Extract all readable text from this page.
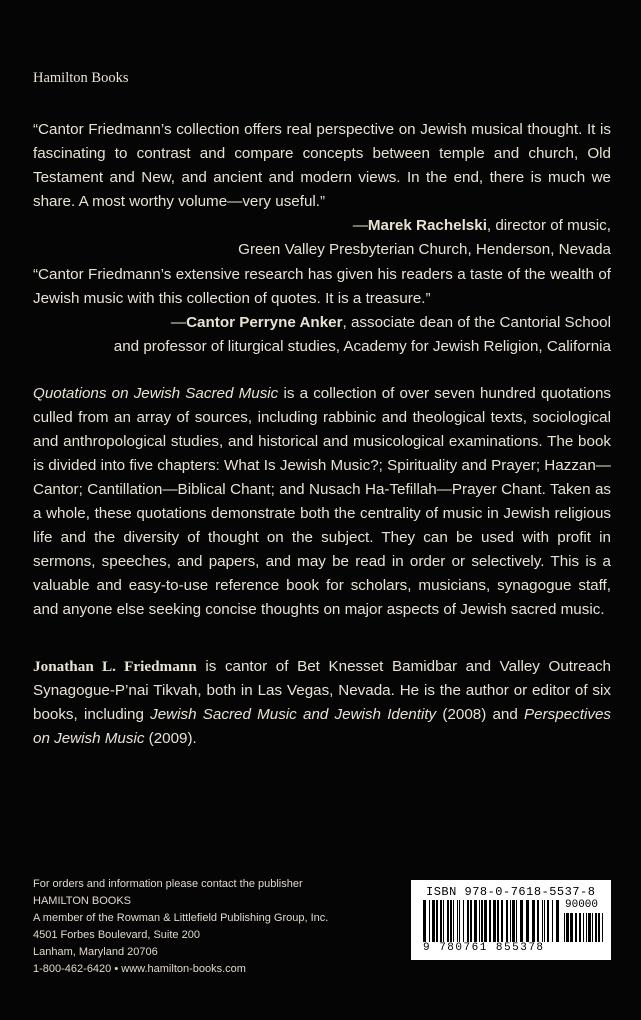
Hamilton Books
“Cantor Friedmann’s collection offers real perspective on Jewish musical thought. It is fascinating to contrast and compare concepts between temple and church, Old Testament and New, and ancient and modern views. In the end, there is much we share. A most worthy volume—very useful.”
—Marek Rachelski, director of music,
Green Valley Presbyterian Church, Henderson, Nevada
“Cantor Friedmann’s extensive research has given his readers a taste of the wealth of Jewish music with this collection of quotes. It is a treasure.”
—Cantor Perryne Anker, associate dean of the Cantorial School
and professor of liturgical studies, Academy for Jewish Religion, California
Quotations on Jewish Sacred Music is a collection of over seven hundred quotations culled from an array of sources, including rabbinic and theological texts, sociological and anthropological studies, and historical and musicological examinations. The book is divided into five chapters: What Is Jewish Music?; Spirituality and Prayer; Hazzan—Cantor; Cantillation—Biblical Chant; and Nusach Ha-Tefillah—Prayer Chant. Taken as a whole, these quotations demonstrate both the centrality of music in Jewish religious life and the diversity of thought on the subject. They can be used with profit in sermons, speeches, and papers, and may be read in order or selectively. This is a valuable and easy-to-use reference book for scholars, musicians, synagogue staff, and anyone else seeking concise thoughts on major aspects of Jewish sacred music.
Jonathan L. Friedmann is cantor of Bet Knesset Bamidbar and Valley Outreach Synagogue-P’nai Tikvah, both in Las Vegas, Nevada. He is the author or editor of six books, including Jewish Sacred Music and Jewish Identity (2008) and Perspectives on Jewish Music (2009).
For orders and information please contact the publisher
HAMILTON BOOKS
A member of the Rowman & Littlefield Publishing Group, Inc.
4501 Forbes Boulevard, Suite 200
Lanham, Maryland 20706
1-800-462-6420 • www.hamilton-books.com
ISBN 978-0-7618-5537-8
90000
9 780761 855378
